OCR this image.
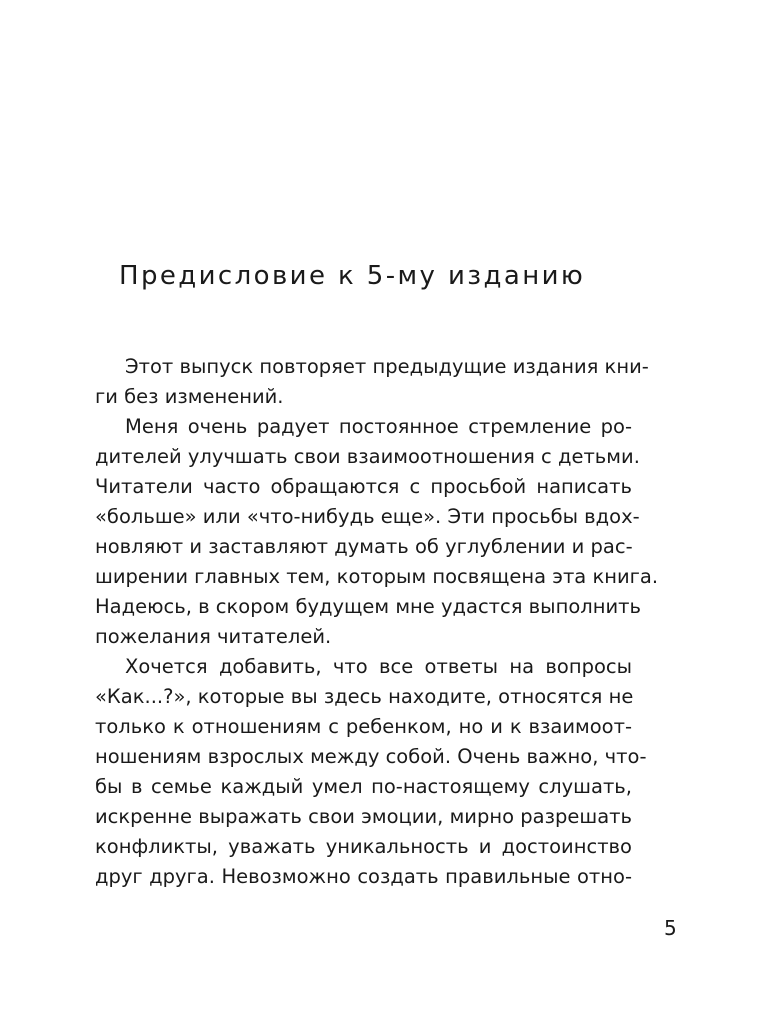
Предисловие к 5-му изданию
Этот выпуск повторяет предыдущие издания кни-
ги без изменений.
Меня очень радует постоянное стремление ро-
дителей улучшать свои взаимоотношения с детьми.
Читатели часто обращаются с просьбой написать
«больше» или «что-нибудь еще». Эти просьбы вдох-
новляют и заставляют думать об углублении и рас-
ширении главных тем, которым посвящена эта книга.
Надеюсь, в скором будущем мне удастся выполнить
пожелания читателей.
Хочется добавить, что все ответы на вопросы
«Как...?», которые вы здесь находите, относятся не
только к отношениям с ребенком, но и к взаимоот-
ношениям взрослых между собой. Очень важно, что-
бы в семье каждый умел по-настоящему слушать,
искренне выражать свои эмоции, мирно разрешать
конфликты, уважать уникальность и достоинство
друг друга. Невозможно создать правильные отно-
5
